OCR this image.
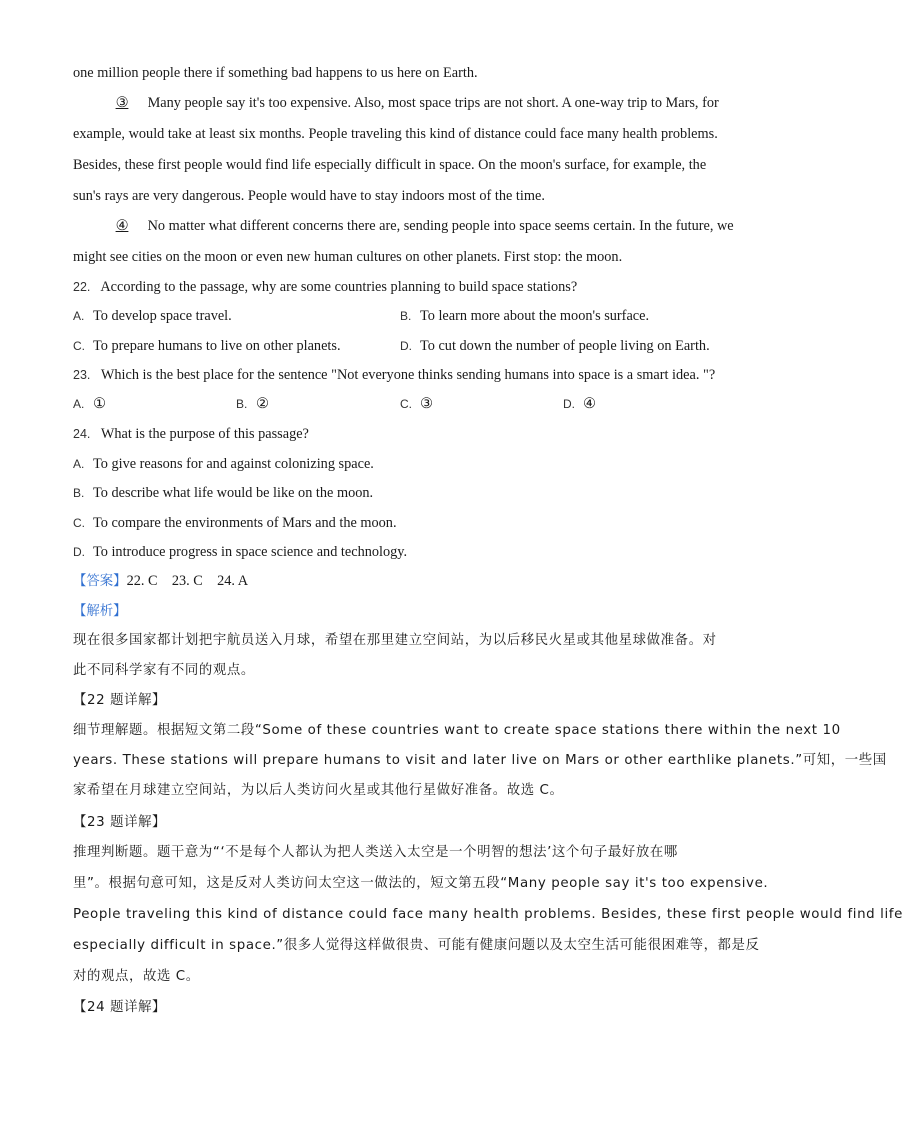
one million people there if something bad happens to us here on Earth.
③ Many people say it's too expensive. Also, most space trips are not short. A one-way trip to Mars, for
example, would take at least six months. People traveling this kind of distance could face many health problems.
Besides, these first people would find life especially difficult in space. On the moon's surface, for example, the
sun's rays are very dangerous. People would have to stay indoors most of the time.
④ No matter what different concerns there are, sending people into space seems certain. In the future, we
might see cities on the moon or even new human cultures on other planets. First stop: the moon.
22. According to the passage, why are some countries planning to build space stations?
A. To develop space travel.	B. To learn more about the moon's surface.
C. To prepare humans to live on other planets.	D. To cut down the number of people living on Earth.
23. Which is the best place for the sentence "Not everyone thinks sending humans into space is a smart idea. "?
A. ①	B. ②	C. ③	D. ④
24. What is the purpose of this passage?
A. To give reasons for and against colonizing space.
B. To describe what life would be like on the moon.
C. To compare the environments of Mars and the moon.
D. To introduce progress in space science and technology.
【答案】22. C    23. C    24. A
【解析】
现在很多国家都计划把宇航员送入月球，希望在那里建立空间站，为以后移民火星或其他星球做准备。对
此不同科学家有不同的观点。
【22 题详解】
细节理解题。根据短文第二段“Some of these countries want to create space stations there within the next 10
years. These stations will prepare humans to visit and later live on Mars or other earthlike planets.”可知，一些国
家希望在月球建立空间站，为以后人类访问火星或其他行星做好准备。故选 C。
【23 题详解】
推理判断题。题干意为“‘不是每个人都认为把人类送入太空是一个明智的想法’这个句子最好放在哪
里”。根据句意可知，这是反对人类访问太空这一做法的，短文第五段“Many people say it's too expensive.
People traveling this kind of distance could face many health problems. Besides, these first people would find life
especially difficult in space.”很多人觉得这样做很贵、可能有健康问题以及太空生活可能很困难等，都是反
对的观点，故选 C。
【24 题详解】
